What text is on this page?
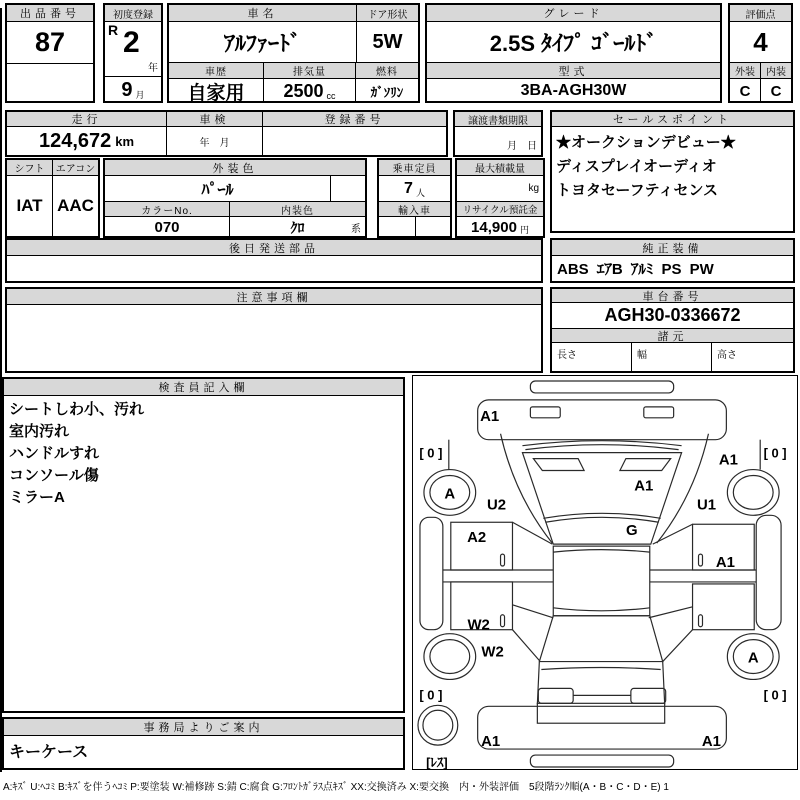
出品番号
87
初度登録
R 2
年
9 月
車名	ドア形状
ｱﾙﾌｧｰﾄﾞ	5W
車歴	排気量	燃料
自家用 2500 cc	ｶﾞｿﾘﾝ
グレード
2.5S ﾀｲﾌﾟ ｺﾞｰﾙﾄﾞ
型式
3BA-AGH30W
評価点
4
外装	内装
C C
走行	車検	登録番号
124,672 km	年　月
譲渡書類期限
月　日
セールスポイント
★オークションデビュー★
ディスプレイオーディオ
トヨタセーフティセンス
シフト
IAT
エアコン
AAC
外装色
ﾊﾟｰﾙ
カラーNo.	内装色
070	ｸﾛ	系
乗車定員
7 人
輸入車
最大積載量
kg
リサイクル預託金
14,900 円
後日発送部品	純正装備
ABS ｴｱB ｱﾙﾐ PS PW
注意事項欄	車台番号
AGH30-0336672
諸元
長さ	幅	高さ
検査員記入欄
シートしわ小、汚れ
室内汚れ
ハンドルすれ
コンソール傷
ミラーA
事務局よりご案内
キーケース
A1
A1
A1
U2	U1
A
A2	G
A1
W2
W2	A
A1	A1
[ 0 ]	[ 0 ]
[ 0 ]	[ 0 ]
[ﾚｽ]
A:ｷｽﾞ U:ﾍｺﾐ B:ｷｽﾞを伴うﾍｺﾐ P:要塗装 W:補修跡 S:錆 C:腐食 G:ﾌﾛﾝﾄｶﾞﾗｽ点ｷｽﾞ XX:交換済み X:要交換　内・外装評価　5段階ﾗﾝｸ順(A・B・C・D・E) 1
